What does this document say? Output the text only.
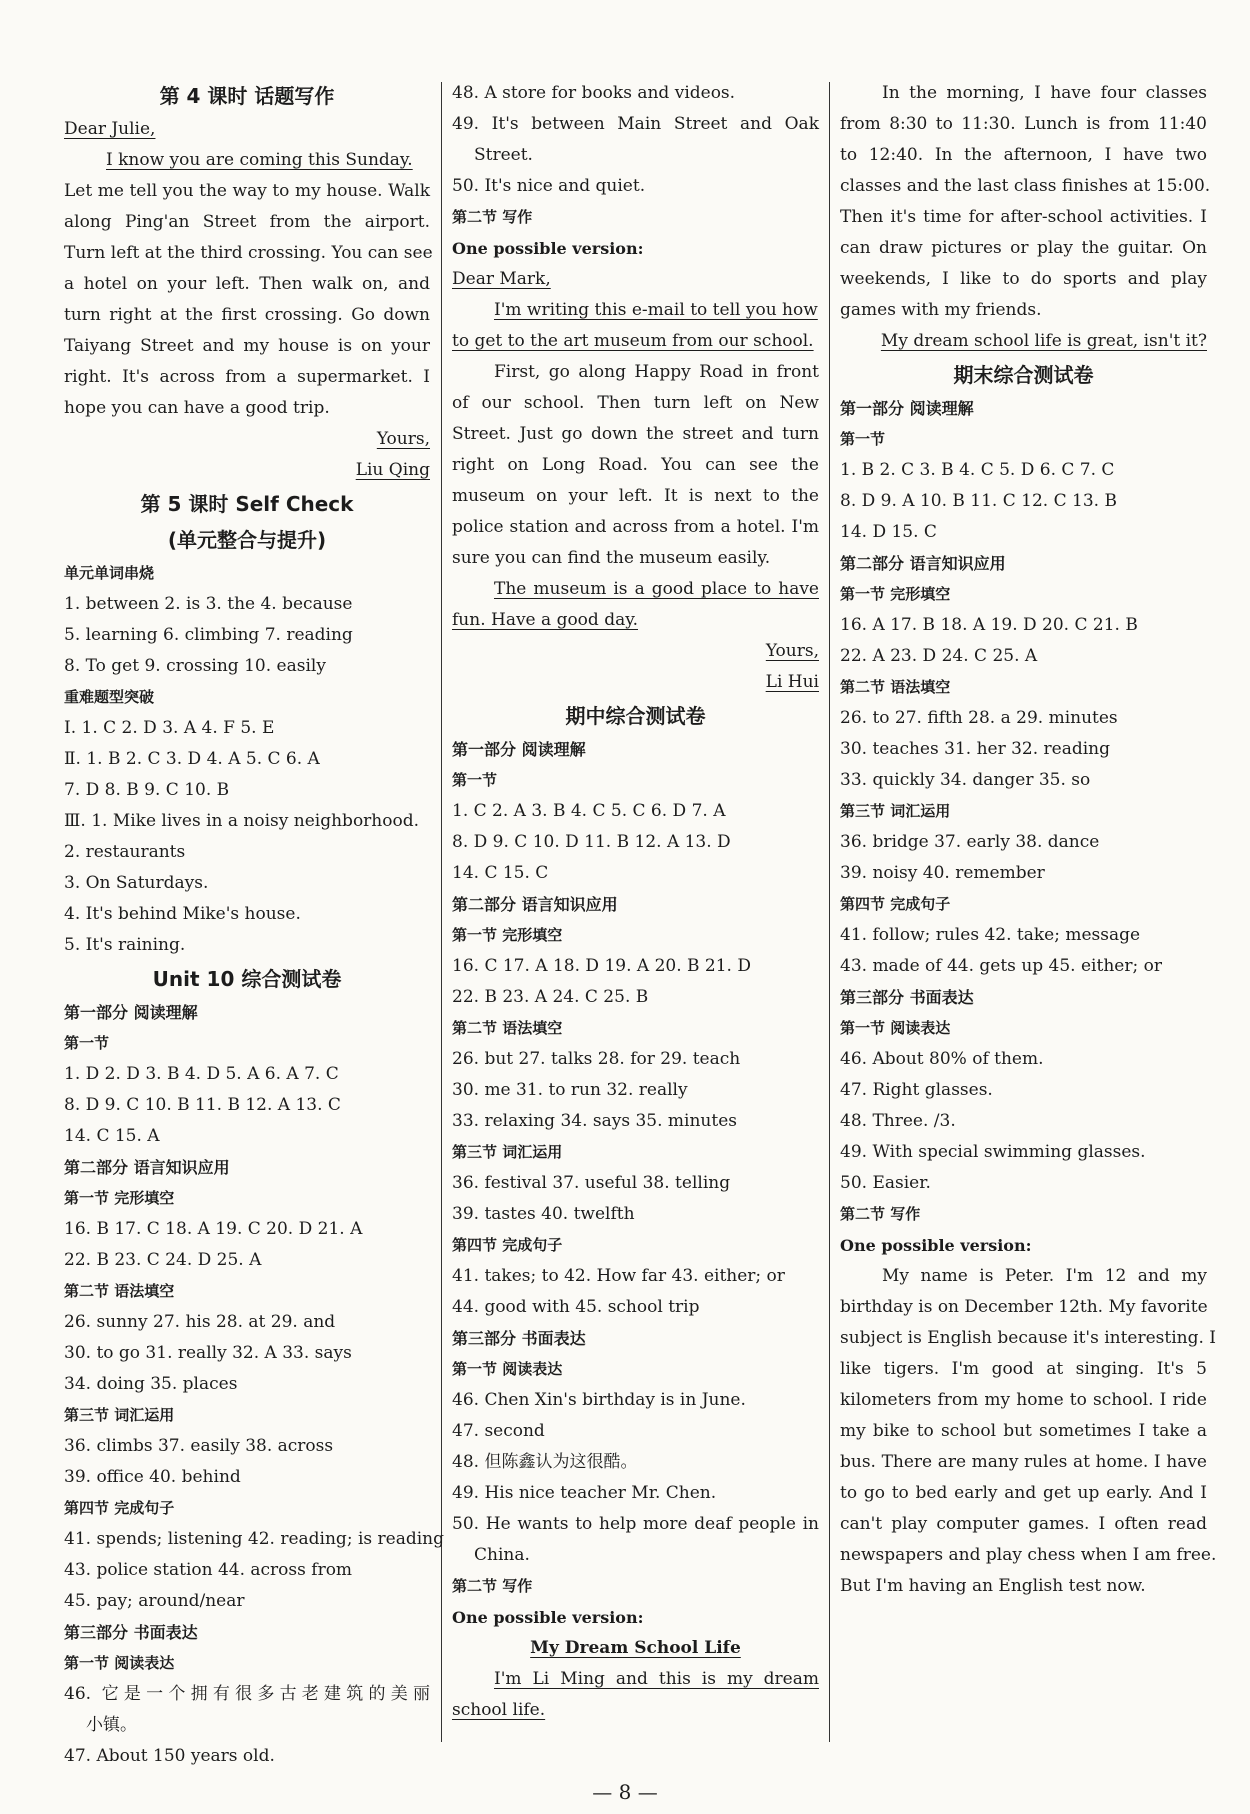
第 4 课时 话题写作
Dear Julie,
I know you are coming this Sunday.
Let me tell you the way to my house. Walk
along Ping'an Street from the airport.
Turn left at the third crossing. You can see
a hotel on your left. Then walk on, and
turn right at the first crossing. Go down
Taiyang Street and my house is on your
right. It's across from a supermarket. I
hope you can have a good trip.
Yours,
Liu Qing
第 5 课时 Self Check
(单元整合与提升)
单元单词串烧
1. between 2. is 3. the 4. because
5. learning 6. climbing 7. reading
8. To get 9. crossing 10. easily
重难题型突破
Ⅰ. 1. C 2. D 3. A 4. F 5. E
Ⅱ. 1. B 2. C 3. D 4. A 5. C 6. A
7. D 8. B 9. C 10. B
Ⅲ. 1. Mike lives in a noisy neighborhood.
2. restaurants
3. On Saturdays.
4. It's behind Mike's house.
5. It's raining.
Unit 10 综合测试卷
第一部分 阅读理解
第一节
1. D 2. D 3. B 4. D 5. A 6. A 7. C
8. D 9. C 10. B 11. B 12. A 13. C
14. C 15. A
第二部分 语言知识应用
第一节 完形填空
16. B 17. C 18. A 19. C 20. D 21. A
22. B 23. C 24. D 25. A
第二节 语法填空
26. sunny 27. his 28. at 29. and
30. to go 31. really 32. A 33. says
34. doing 35. places
第三节 词汇运用
36. climbs 37. easily 38. across
39. office 40. behind
第四节 完成句子
41. spends; listening 42. reading; is reading
43. police station 44. across from
45. pay; around/near
第三部分 书面表达
第一节 阅读表达
46. 它是一个拥有很多古老建筑的美丽
小镇。
47. About 150 years old.
48. A store for books and videos.
49. It's between Main Street and Oak
Street.
50. It's nice and quiet.
第二节 写作
One possible version:
Dear Mark,
I'm writing this e-mail to tell you how
to get to the art museum from our school.
First, go along Happy Road in front
of our school. Then turn left on New
Street. Just go down the street and turn
right on Long Road. You can see the
museum on your left. It is next to the
police station and across from a hotel. I'm
sure you can find the museum easily.
The museum is a good place to have
fun. Have a good day.
Yours,
Li Hui
期中综合测试卷
第一部分 阅读理解
第一节
1. C 2. A 3. B 4. C 5. C 6. D 7. A
8. D 9. C 10. D 11. B 12. A 13. D
14. C 15. C
第二部分 语言知识应用
第一节 完形填空
16. C 17. A 18. D 19. A 20. B 21. D
22. B 23. A 24. C 25. B
第二节 语法填空
26. but 27. talks 28. for 29. teach
30. me 31. to run 32. really
33. relaxing 34. says 35. minutes
第三节 词汇运用
36. festival 37. useful 38. telling
39. tastes 40. twelfth
第四节 完成句子
41. takes; to 42. How far 43. either; or
44. good with 45. school trip
第三部分 书面表达
第一节 阅读表达
46. Chen Xin's birthday is in June.
47. second
48. 但陈鑫认为这很酷。
49. His nice teacher Mr. Chen.
50. He wants to help more deaf people in
China.
第二节 写作
One possible version:
My Dream School Life
I'm Li Ming and this is my dream
school life.
In the morning, I have four classes
from 8:30 to 11:30. Lunch is from 11:40
to 12:40. In the afternoon, I have two
classes and the last class finishes at 15:00.
Then it's time for after-school activities. I
can draw pictures or play the guitar. On
weekends, I like to do sports and play
games with my friends.
My dream school life is great, isn't it?
期末综合测试卷
第一部分 阅读理解
第一节
1. B 2. C 3. B 4. C 5. D 6. C 7. C
8. D 9. A 10. B 11. C 12. C 13. B
14. D 15. C
第二部分 语言知识应用
第一节 完形填空
16. A 17. B 18. A 19. D 20. C 21. B
22. A 23. D 24. C 25. A
第二节 语法填空
26. to 27. fifth 28. a 29. minutes
30. teaches 31. her 32. reading
33. quickly 34. danger 35. so
第三节 词汇运用
36. bridge 37. early 38. dance
39. noisy 40. remember
第四节 完成句子
41. follow; rules 42. take; message
43. made of 44. gets up 45. either; or
第三部分 书面表达
第一节 阅读表达
46. About 80% of them.
47. Right glasses.
48. Three. /3.
49. With special swimming glasses.
50. Easier.
第二节 写作
One possible version:
My name is Peter. I'm 12 and my
birthday is on December 12th. My favorite
subject is English because it's interesting. I
like tigers. I'm good at singing. It's 5
kilometers from my home to school. I ride
my bike to school but sometimes I take a
bus. There are many rules at home. I have
to go to bed early and get up early. And I
can't play computer games. I often read
newspapers and play chess when I am free.
But I'm having an English test now.
— 8 —
